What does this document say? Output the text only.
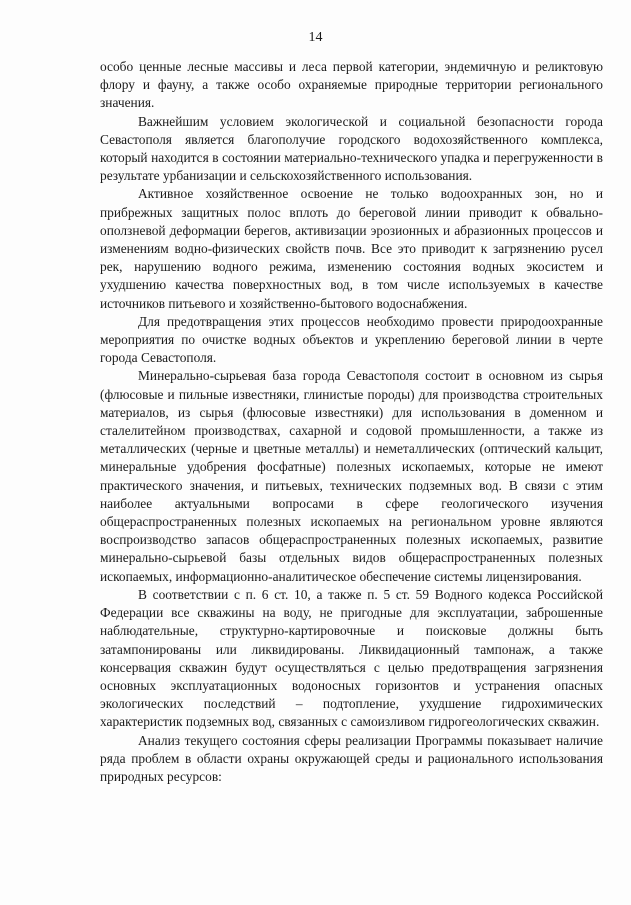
14

особо ценные лесные массивы и леса первой категории, эндемичную и реликтовую флору и фауну, а также особо охраняемые природные территории регионального значения.

Важнейшим условием экологической и социальной безопасности города Севастополя является благополучие городского водохозяйственного комплекса, который находится в состоянии материально-технического упадка и перегруженности в результате урбанизации и сельскохозяйственного использования.

Активное хозяйственное освоение не только водоохранных зон, но и прибрежных защитных полос вплоть до береговой линии приводит к обвально-оползневой деформации берегов, активизации эрозионных и абразионных процессов и изменениям водно-физических свойств почв. Все это приводит к загрязнению русел рек, нарушению водного режима, изменению состояния водных экосистем и ухудшению качества поверхностных вод, в том числе используемых в качестве источников питьевого и хозяйственно-бытового водоснабжения.

Для предотвращения этих процессов необходимо провести природоохранные мероприятия по очистке водных объектов и укреплению береговой линии в черте города Севастополя.

Минерально-сырьевая база города Севастополя состоит в основном из сырья (флюсовые и пильные известняки, глинистые породы) для производства строительных материалов, из сырья (флюсовые известняки) для использования в доменном и сталелитейном производствах, сахарной и содовой промышленности, а также из металлических (черные и цветные металлы) и неметаллических (оптический кальцит, минеральные удобрения фосфатные) полезных ископаемых, которые не имеют практического значения, и питьевых, технических подземных вод. В связи с этим наиболее актуальными вопросами в сфере геологического изучения общераспространенных полезных ископаемых на региональном уровне являются воспроизводство запасов общераспространенных полезных ископаемых, развитие минерально-сырьевой базы отдельных видов общераспространенных полезных ископаемых, информационно-аналитическое обеспечение системы лицензирования.

В соответствии с п. 6 ст. 10, а также п. 5 ст. 59 Водного кодекса Российской Федерации все скважины на воду, не пригодные для эксплуатации, заброшенные наблюдательные, структурно-картировочные и поисковые должны быть затампонированы или ликвидированы. Ликвидационный тампонаж, а также консервация скважин будут осуществляться с целью предотвращения загрязнения основных эксплуатационных водоносных горизонтов и устранения опасных экологических последствий – подтопление, ухудшение гидрохимических характеристик подземных вод, связанных с самоизливом гидрогеологических скважин.

Анализ текущего состояния сферы реализации Программы показывает наличие ряда проблем в области охраны окружающей среды и рационального использования природных ресурсов:
